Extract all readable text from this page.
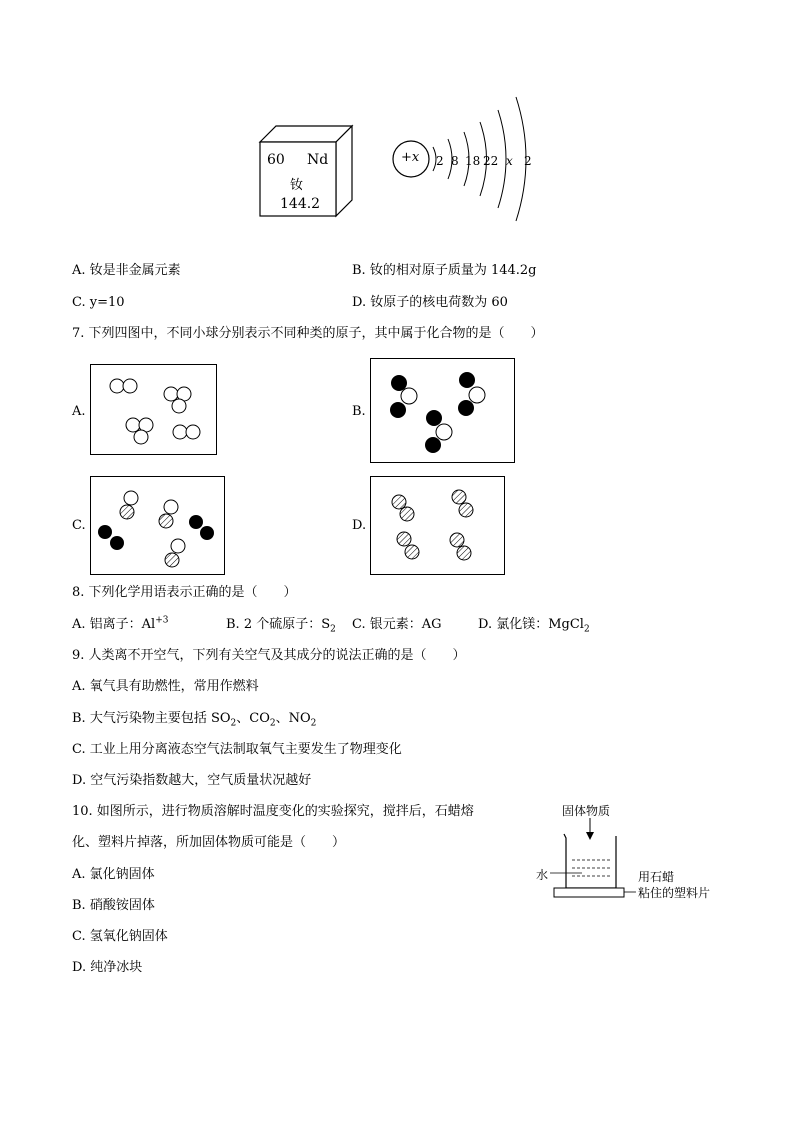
60 Nd
钕
144.2
+x 2 8 18 22 x 2
A. 钕是非金属元素	B. 钕的相对原子质量为 144.2g
C. y=10	D. 钕原子的核电荷数为 60
7. 下列四图中，不同小球分别表示不同种类的原子，其中属于化合物的是（　　）
A.	B.
C.	D.
8. 下列化学用语表示正确的是（　　）
A. 铝离子：$Al^{+3}$	B. 2 个硫原子：$S_2$ C. 银元素：AG	D. 氯化镁：MgCl$_2$
9. 人类离不开空气，下列有关空气及其成分的说法正确的是（　　）
A. 氧气具有助燃性，常用作燃料
B. 大气污染物主要包括 $SO_2$、$CO_2$、$NO_2$
C. 工业上用分离液态空气法制取氧气主要发生了物理变化
D. 空气污染指数越大，空气质量状况越好
10. 如图所示，进行物质溶解时温度变化的实验探究，搅拌后，石蜡熔
化、塑料片掉落，所加固体物质可能是（　　）
A. 氯化钠固体
B. 硝酸铵固体
C. 氢氧化钠固体
D. 纯净冰块
固体物质
水	用石蜡
粘住的塑料片
